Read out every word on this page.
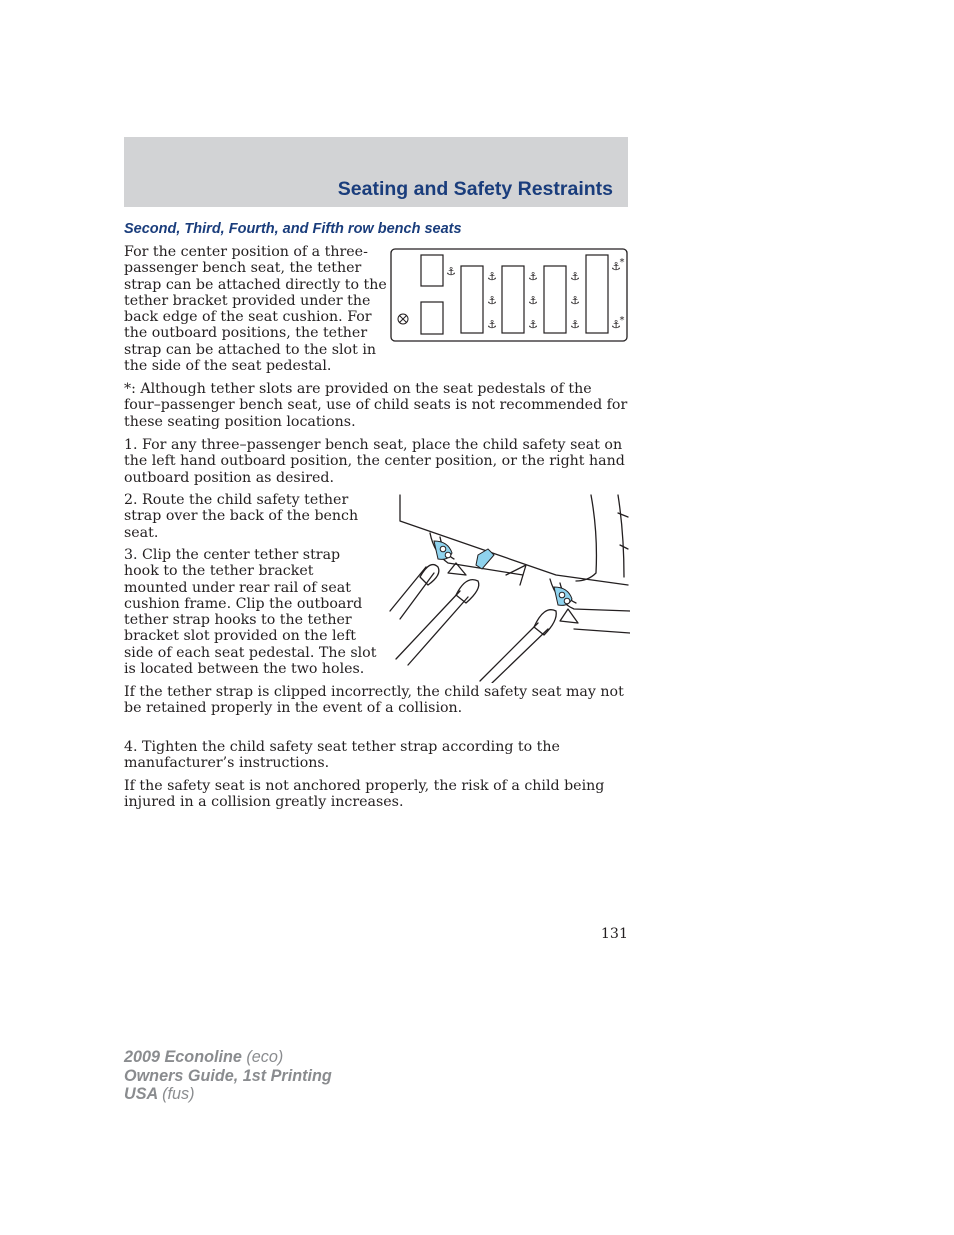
Seating and Safety Restraints
Second, Third, Fourth, and Fifth row bench seats

For the center position of a three-passenger bench seat, the tether strap can be attached directly to the tether bracket provided under the back edge of the seat cushion. For the outboard positions, the tether strap can be attached to the slot in the side of the seat pedestal.

⚓	⚓
⚓
⚓
⚓
⚓
⚓
⚓
⚓
⚓
⚓
⚓
*
*

*: Although tether slots are provided on the seat pedestals of the four–passenger bench seat, use of child seats is not recommended for these seating position locations.

1. For any three–passenger bench seat, place the child safety seat on the left hand outboard position, the center position, or the right hand outboard position as desired.

2. Route the child safety tether strap over the back of the bench seat.

3. Clip the center tether strap hook to the tether bracket mounted under rear rail of seat cushion frame. Clip the outboard tether strap hooks to the tether bracket slot provided on the left side of each seat pedestal. The slot is located between the two holes.

If the tether strap is clipped incorrectly, the child safety seat may not be retained properly in the event of a collision.

4. Tighten the child safety seat tether strap according to the manufacturer’s instructions.

If the safety seat is not anchored properly, the risk of a child being injured in a collision greatly increases.

131
2009 Econoline (eco)
Owners Guide, 1st Printing
USA (fus)
